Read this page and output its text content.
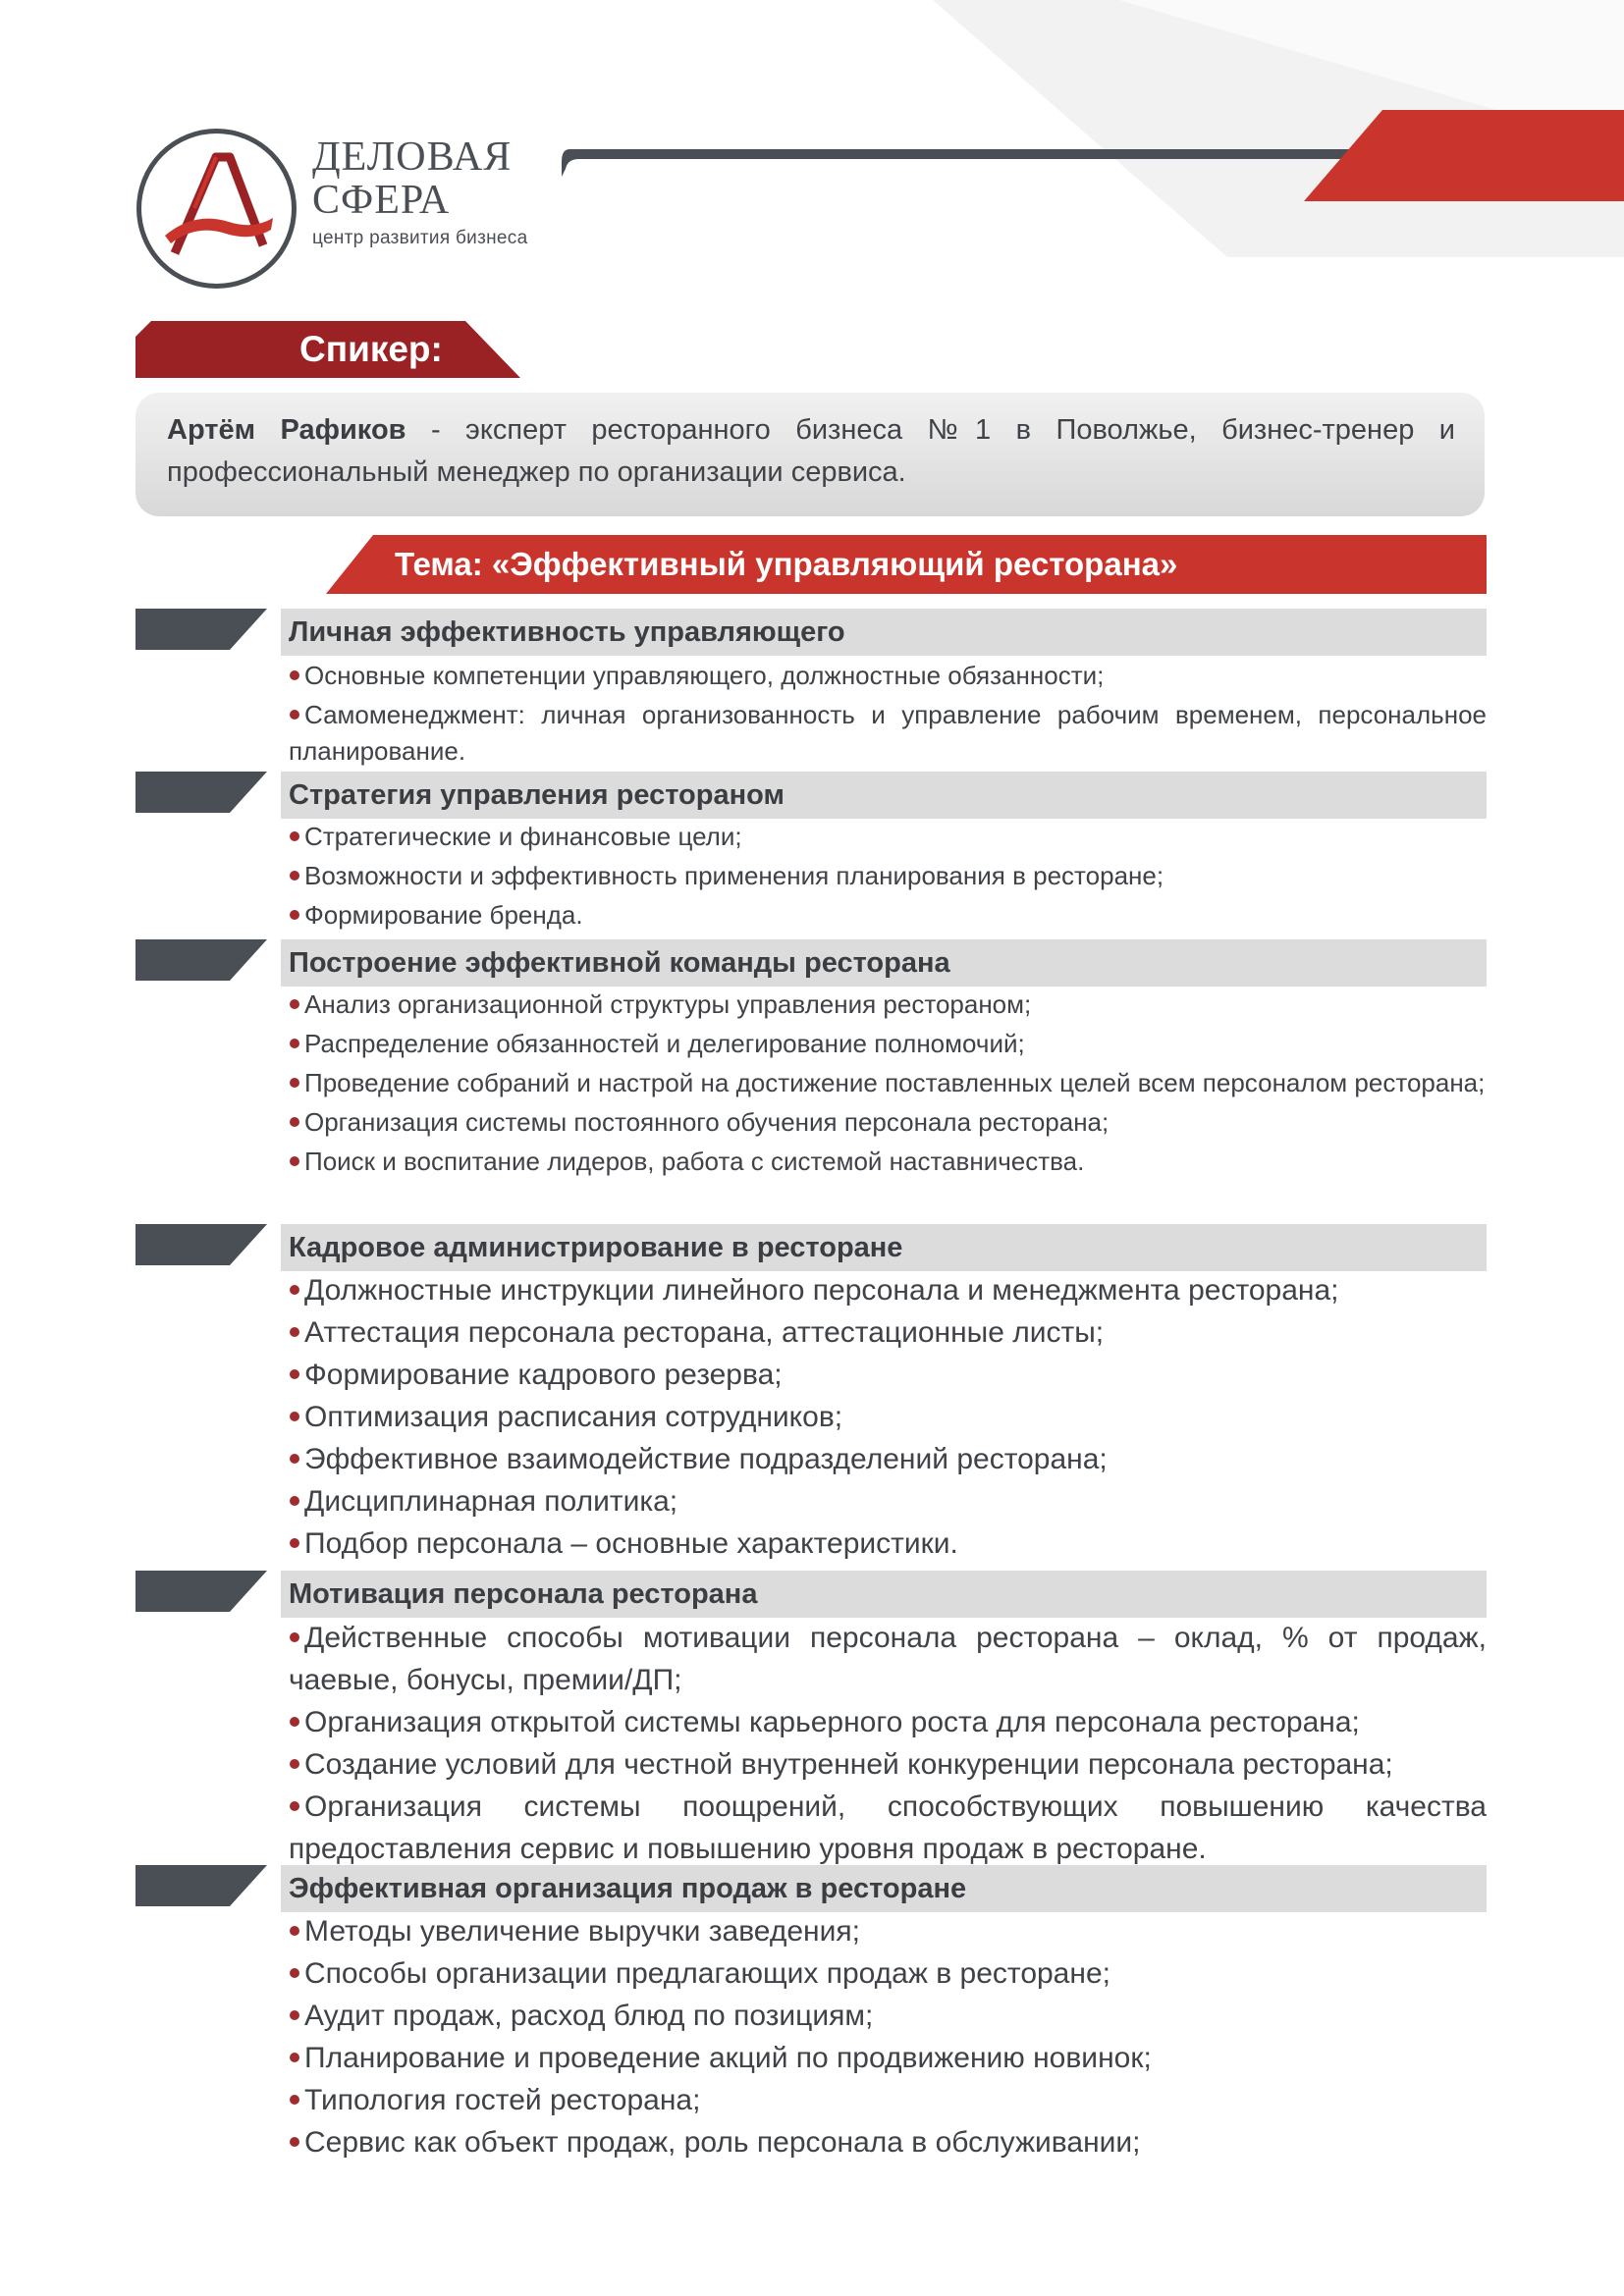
ДЕЛОВАЯ
СФЕРА
центр развития бизнеса
Спикер:
Артём Рафиков - эксперт ресторанного бизнеса №1 в Поволжье, бизнес-тренер и профессиональный менеджер по организации сервиса.
Тема: «Эффективный управляющий ресторана»
Личная эффективность управляющего
Основные компетенции управляющего, должностные обязанности;
Самоменеджмент: личная организованность и управление рабочим временем, персональное планирование.
Стратегия управления рестораном
Стратегические и финансовые цели;
Возможности и эффективность применения планирования в ресторане;
Формирование бренда.
Построение эффективной команды ресторана
Анализ организационной структуры управления рестораном;
Распределение обязанностей и делегирование полномочий;
Проведение собраний и настрой на достижение поставленных целей всем персоналом ресторана;
Организация системы постоянного обучения персонала ресторана;
Поиск и воспитание лидеров, работа с системой наставничества.
Кадровое администрирование в ресторане
Должностные инструкции линейного персонала и менеджмента ресторана;
Аттестация персонала ресторана, аттестационные листы;
Формирование кадрового резерва;
Оптимизация расписания сотрудников;
Эффективное взаимодействие подразделений ресторана;
Дисциплинарная политика;
Подбор персонала – основные характеристики.
Мотивация персонала ресторана
Действенные способы мотивации персонала ресторана – оклад, % от продаж, чаевые, бонусы, премии/ДП;
Организация открытой системы карьерного роста для персонала ресторана;
Создание условий для честной внутренней конкуренции персонала ресторана;
Организация системы поощрений, способствующих повышению качества предоставления сервис и повышению уровня продаж в ресторане.
Эффективная организация продаж в ресторане
Методы увеличение выручки заведения;
Способы организации предлагающих продаж в ресторане;
Аудит продаж, расход блюд по позициям;
Планирование и проведение акций по продвижению новинок;
Типология гостей ресторана;
Сервис как объект продаж, роль персонала в обслуживании;
